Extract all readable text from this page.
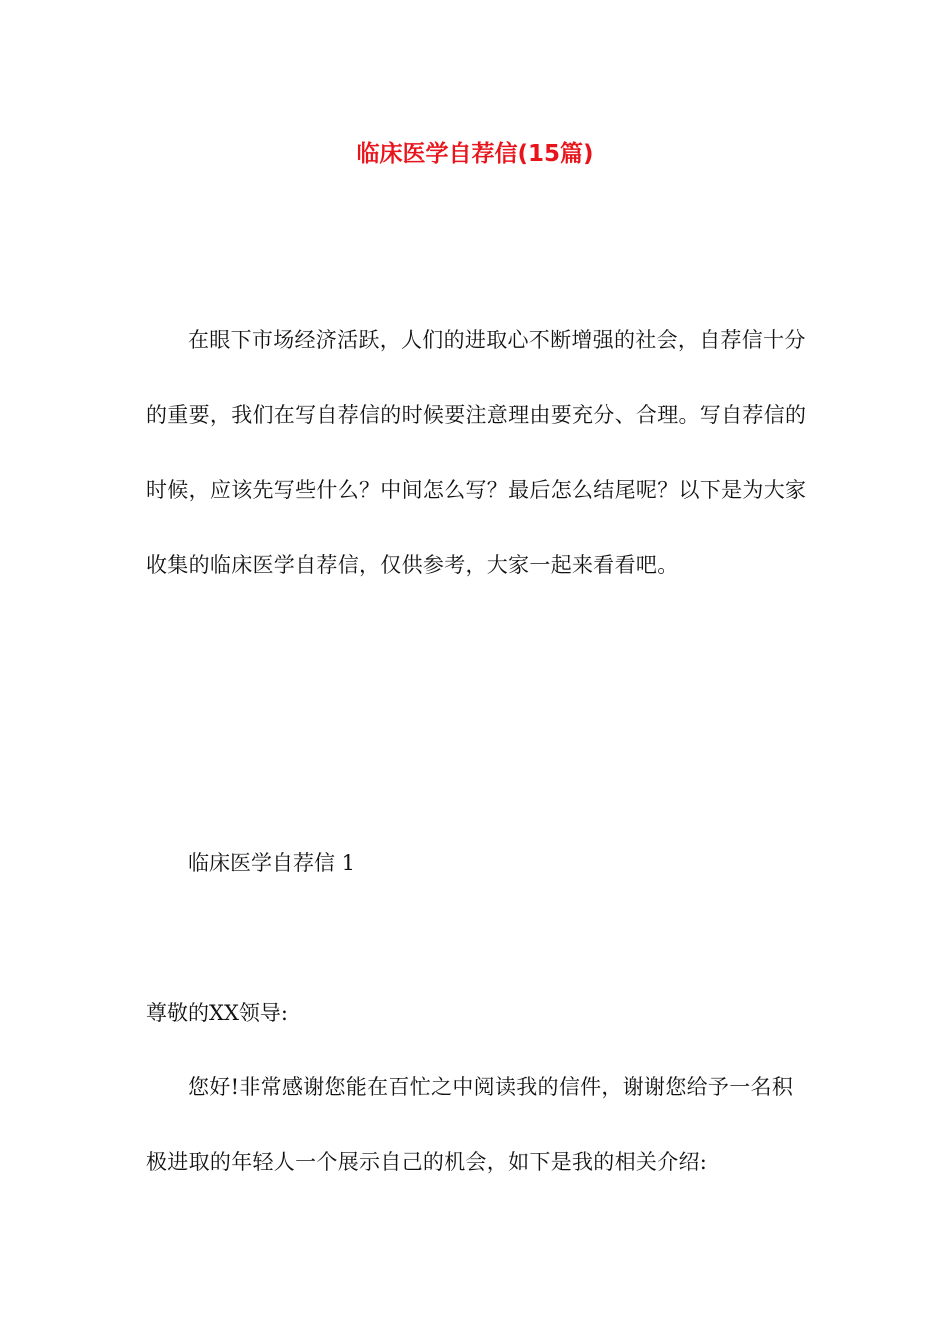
临床医学自荐信(15篇)

在眼下市场经济活跃，人们的进取心不断增强的社会，自荐信十分的重要，我们在写自荐信的时候要注意理由要充分、合理。写自荐信的时候，应该先写些什么？中间怎么写？最后怎么结尾呢？以下是为大家收集的临床医学自荐信，仅供参考，大家一起来看看吧。

临床医学自荐信 1

尊敬的XX领导:

您好!非常感谢您能在百忙之中阅读我的信件，谢谢您给予一名积极进取的年轻人一个展示自己的机会，如下是我的相关介绍:
